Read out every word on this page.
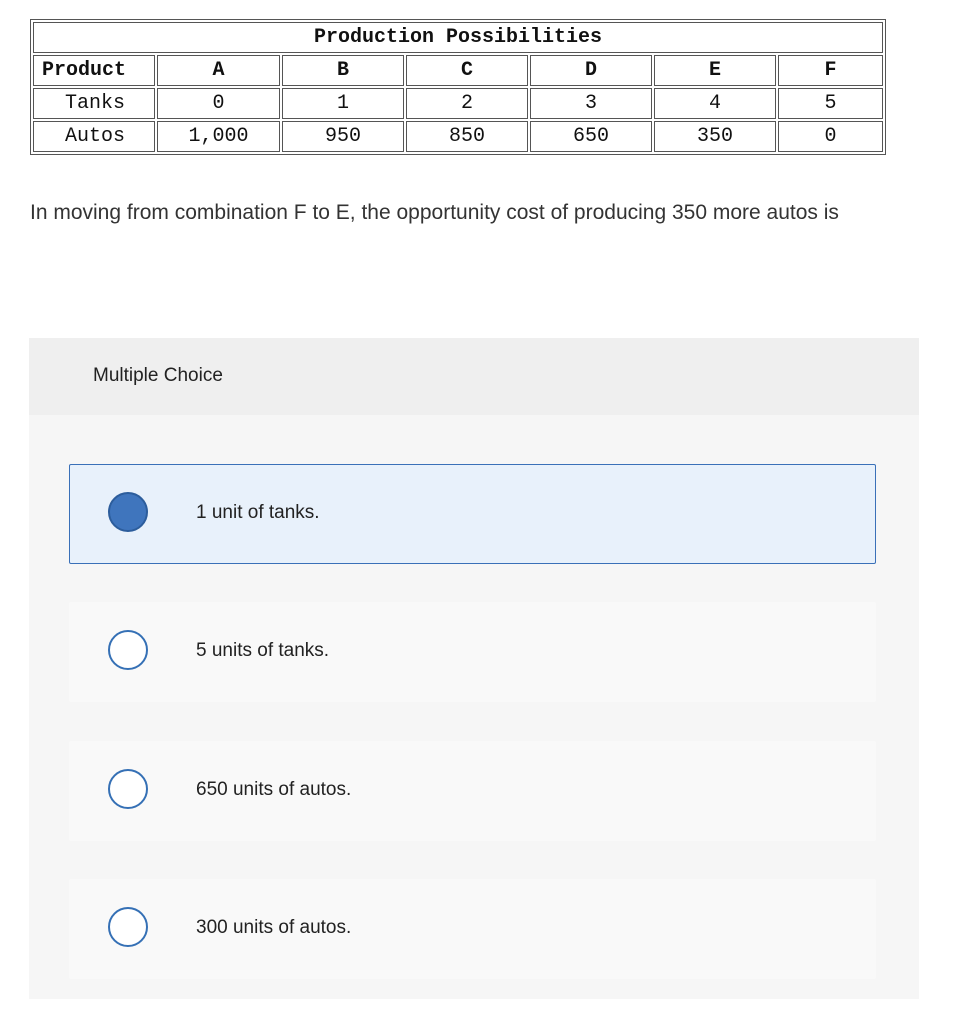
Production Possibilities						
Product	A	B	C	D	E	F
Tanks	0	1	2	3	4	5
Autos	1,000	950	850	650	350	0

In moving from combination F to E, the opportunity cost of producing 350 more autos is

Multiple Choice
1 unit of tanks.
5 units of tanks.
650 units of autos.
300 units of autos.
